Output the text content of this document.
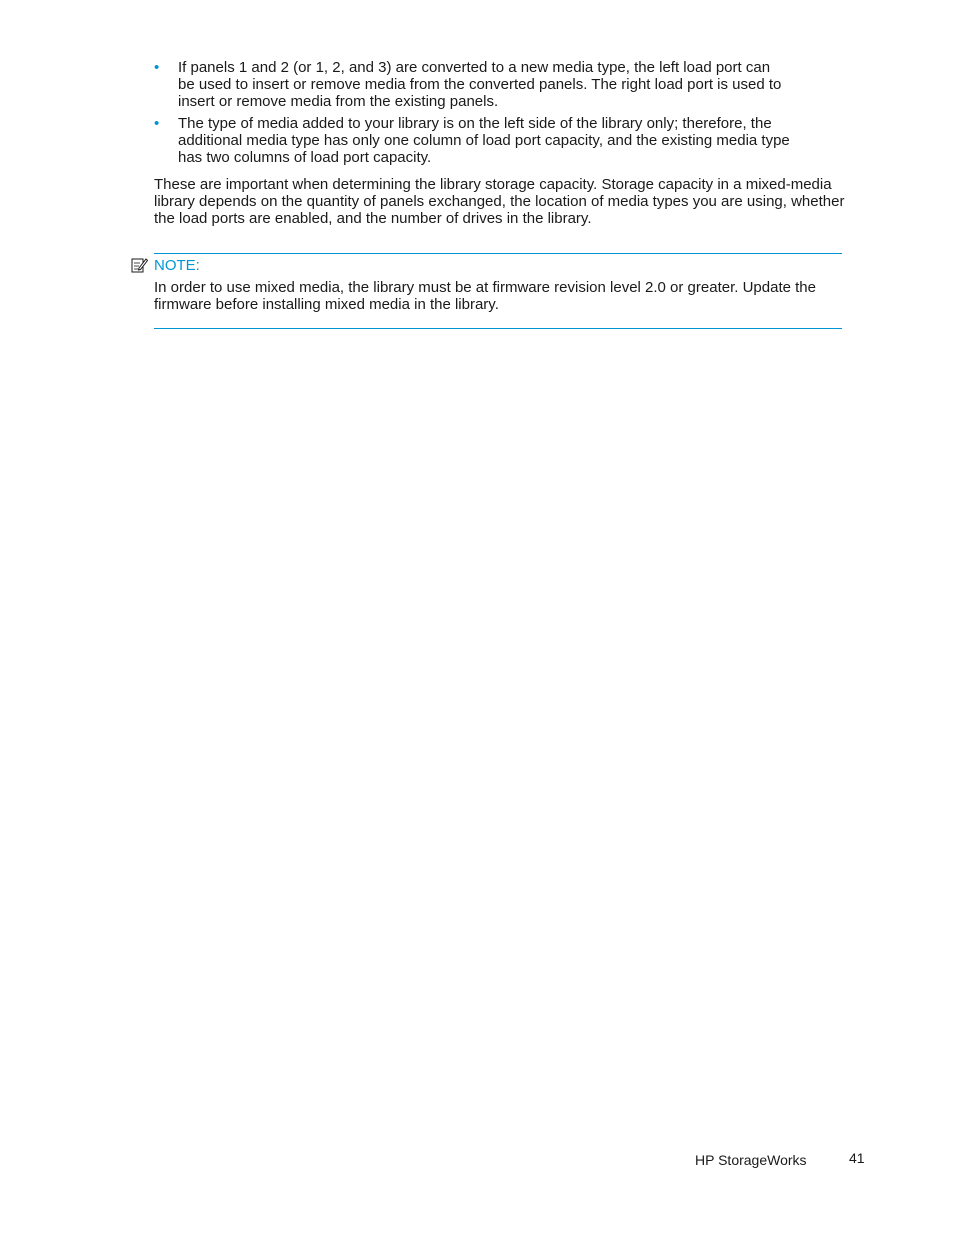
•	If panels 1 and 2 (or 1, 2, and 3) are converted to a new media type, the left load port can
be used to insert or remove media from the converted panels. The right load port is used to
insert or remove media from the existing panels.
•	The type of media added to your library is on the left side of the library only; therefore, the
additional media type has only one column of load port capacity, and the existing media type
has two columns of load port capacity.
These are important when determining the library storage capacity. Storage capacity in a mixed-media
library depends on the quantity of panels exchanged, the location of media types you are using, whether
the load ports are enabled, and the number of drives in the library.
NOTE:
In order to use mixed media, the library must be at firmware revision level 2.0 or greater. Update the
firmware before installing mixed media in the library.
HP StorageWorks	41
